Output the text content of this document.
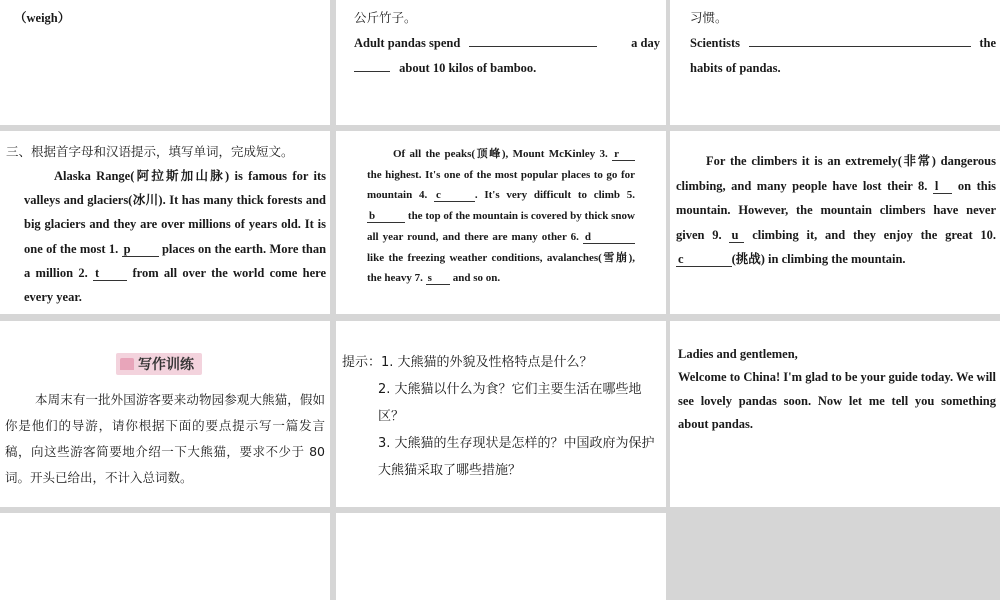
（weigh）	公斤竹子。
Adult pandas spend	a day
about 10 kilos of bamboo.
习惯。
Scientists	the
habits of pandas.
三、根据首字母和汉语提示，填写单词，完成短文。

Alaska Range(阿拉斯加山脉) is famous for its valleys and glaciers(冰川). It has many thick forests and big glaciers and they are over millions of years old. It is one of the most 1. p	places on the earth. More than a million 2. t	from all over the world come here every year.

Of all the peaks(顶峰), Mount McKinley 3. r the highest. It's one of the most popular places to go for mountain 4. c	. It's very difficult to climb 5. b	the top of the mountain is covered by thick snow all year round, and there are many other 6. d like the freezing weather conditions, avalanches(雪崩), the heavy 7. s and so on.

For the climbers it is an extremely(非常) dangerous climbing, and many people have lost their 8. l on this mountain. However, the mountain climbers have never given 9. u climbing it, and they enjoy the great 10. c	(挑战) in climbing the mountain.

写作训练

本周末有一批外国游客要来动物园参观大熊猫，假如你是他们的导游，请你根据下面的要点提示写一篇发言稿，向这些游客简要地介绍一下大熊猫，要求不少于 80 词。开头已给出，不计入总词数。

提示：1. 大熊猫的外貌及性格特点是什么？
2. 大熊猫以什么为食？它们主要生活在哪些地区？
3. 大熊猫的生存现状是怎样的？中国政府为保护大熊猫采取了哪些措施？
Ladies and gentlemen,

Welcome to China! I'm glad to be your guide today. We will see lovely pandas soon. Now let me tell you something about pandas.
